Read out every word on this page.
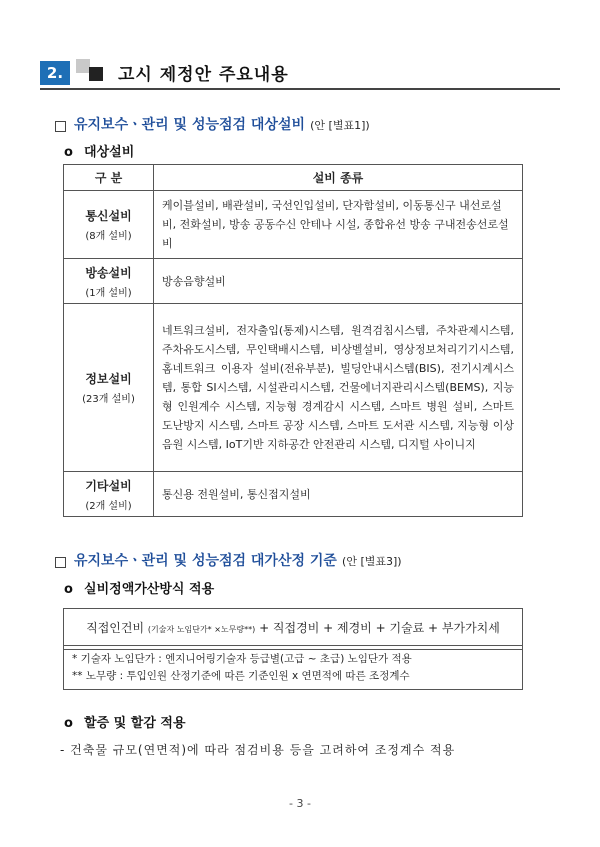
2.	고시 제정안 주요내용
유지보수ㆍ관리 및 성능점검 대상설비 (안 [별표1])
o 대상설비
구 분	설비 종류

통신설비
(8개 설비)	케이블설비, 배관설비, 국선인입설비, 단자함설비, 이동통신구 내선로설비, 전화설비, 방송 공동수신 안테나 시설, 종합유선 방송 구내전송선로설비

방송설비
(1개 설비)	방송음향설비

정보설비
(23개 설비)	네트워크설비, 전자출입(통제)시스템, 원격검침시스템, 주차관제시스템, 주차유도시스템, 무인택배시스템, 비상벨설비, 영상정보처리기기시스템, 홈네트워크 이용자 설비(전유부분), 빌딩안내시스템(BIS), 전기시계시스템, 통합 SI시스템, 시설관리시스템, 건물에너지관리시스템(BEMS), 지능형 인원계수 시스템, 지능형 경계감시 시스템, 스마트 병원 설비, 스마트 도난방지 시스템, 스마트 공장 시스템, 스마트 도서관 시스템, 지능형 이상음원 시스템, IoT기반 지하공간 안전관리 시스템, 디지털 사이니지

기타설비
(2개 설비)	통신용 전원설비, 통신접지설비
유지보수ㆍ관리 및 성능점검 대가산정 기준 (안 [별표3])
o 실비정액가산방식 적용
직접인건비 (기술자 노임단가* ×노무량**) + 직접경비 + 제경비 + 기술료 + 부가가치세
* 기술자 노임단가 : 엔지니어링기술자 등급별(고급 ~ 초급) 노임단가 적용
** 노무량 : 투입인원 산정기준에 따른 기준인원 x 연면적에 따른 조정계수
o 할증 및 할감 적용
- 건축물 규모(연면적)에 따라 점검비용 등을 고려하여 조정계수 적용
- 3 -
